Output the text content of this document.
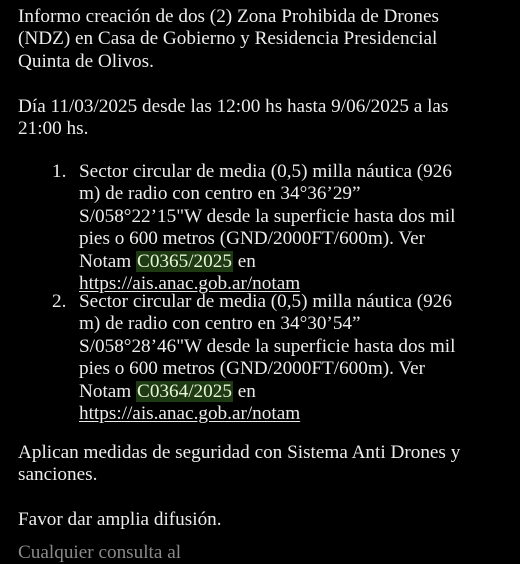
Informo creación de dos (2) Zona Prohibida de Drones
(NDZ) en Casa de Gobierno y Residencia Presidencial
Quinta de Olivos.

Día 11/03/2025 desde las 12:00 hs hasta 9/06/2025 a las
21:00 hs.

1. Sector circular de media (0,5) milla náutica (926
m) de radio con centro en 34°36’29”
S/058°22’15"W desde la superficie hasta dos mil
pies o 600 metros (GND/2000FT/600m). Ver
Notam C0365/2025 en
https://ais.anac.gob.ar/notam
2. Sector circular de media (0,5) milla náutica (926
m) de radio con centro en 34°30’54”
S/058°28’46"W desde la superficie hasta dos mil
pies o 600 metros (GND/2000FT/600m). Ver
Notam C0364/2025 en
https://ais.anac.gob.ar/notam

Aplican medidas de seguridad con Sistema Anti Drones y
sanciones.

Favor dar amplia difusión.

Cualquier consulta al
